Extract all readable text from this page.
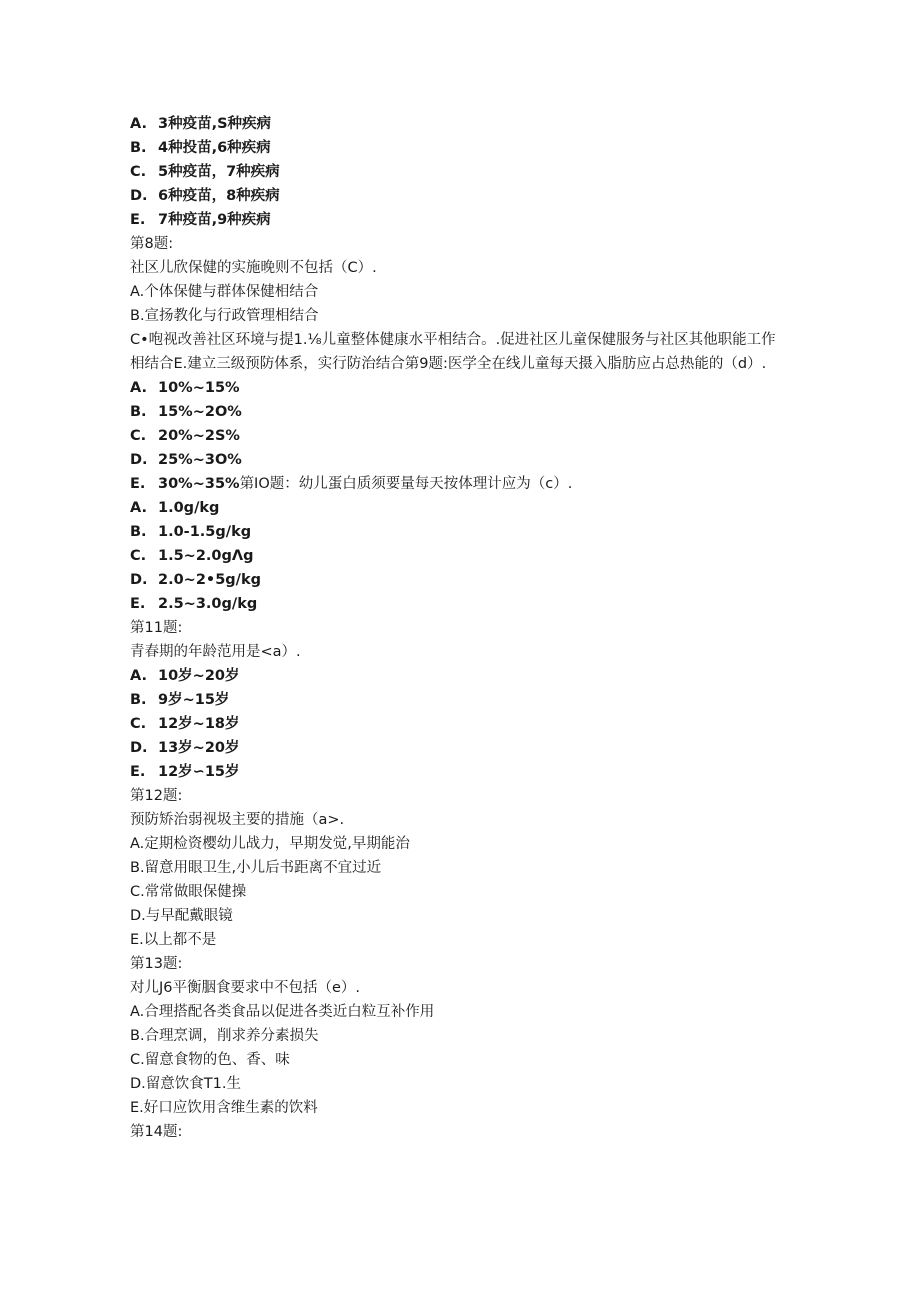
A. 3种疫苗,S种疾病
B. 4种投苗,6种疾病
C. 5种疫苗，7种疾病
D. 6种疫苗，8种疾病
E. 7种疫苗,9种疾病
第8题:
社区儿欣保健的实施晚则不包括（C）.
A.个体保健与群体保健相结合
B.宣扬教化与行政管理相结合
C•咆视改善社区环境与提1.⅛儿童整体健康水平相结合。.促进社区儿童保健服务与社区其他职能工作相结合E.建立三级预防体系，实行防治结合第9题:医学全在线儿童每天摄入脂肪应占总热能的（d）.
A. 10%~15%
B. 15%~2O%
C. 20%~2S%
D. 25%~3O%
E. 30%~35%第IO题：幼儿蛋白质须要量每天按体理计应为（c）.
A. 1.0g∕kg
B. 1.0-1.5g/kg
C. 1.5~2.0gΛg
D. 2.0~2•5g∕kg
E. 2.5~3.0g∕kg
第11题:
青春期的年龄范用是<a）.
A. 10岁~20岁
B. 9岁~15岁
C. 12岁~18岁
D. 13岁~20岁
E. 12岁∽15岁
第12题:
预防矫治弱视圾主要的措施（a>.
A.定期检资樱幼儿战力，早期发觉,早期能治
B.留意用眼卫生,小儿后书距离不宜过近
C.常常做眼保健操
D.与早配戴眼镜
E.以上都不是
第13题:
对儿J6平衡胭食要求中不包括（e）.
A.合理搭配各类食品以促进各类近白粒互补作用
B.合理烹调，削求养分素损失
C.留意食物的色、香、味
D.留意饮食T1.生
E.好口应饮用含维生素的饮料
第14题:
